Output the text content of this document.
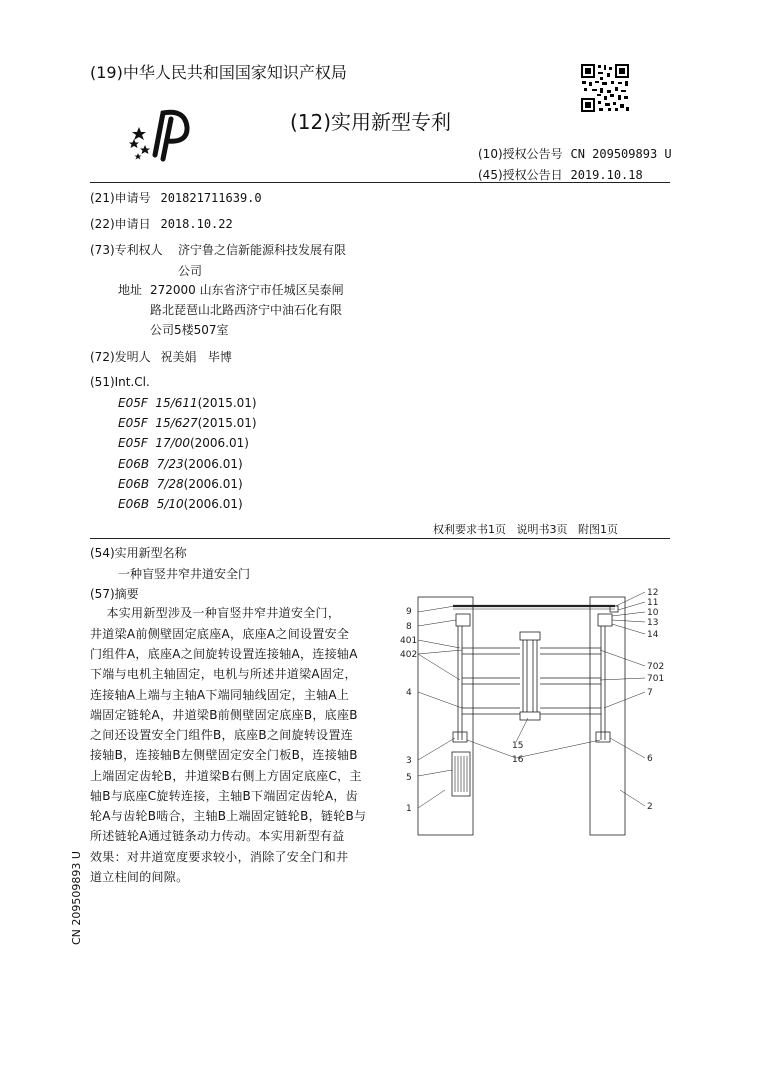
(19)中华人民共和国国家知识产权局
(12)实用新型专利
(10)授权公告号 CN 209509893 U
(45)授权公告日 2019.10.18
(21)申请号 201821711639.0
(22)申请日 2018.10.22
(73)专利权人 济宁鲁之信新能源科技发展有限
公司
地址 272000 山东省济宁市任城区吴泰闸
路北琵琶山北路西济宁中油石化有限
公司5楼507室
(72)发明人 祝美娟   毕博
(51)Int.Cl.
E05F  15/611(2015.01)
E05F  15/627(2015.01)
E05F  17/00(2006.01)
E06B  7/23(2006.01)
E06B  7/28(2006.01)
E06B  5/10(2006.01)
权利要求书1页   说明书3页   附图1页
(54)实用新型名称
一种盲竖井窄井道安全门
(57)摘要
本实用新型涉及一种盲竖井窄井道安全门，
井道梁A前侧壁固定底座A，底座A之间设置安全
门组件A，底座A之间旋转设置连接轴A，连接轴A
下端与电机主轴固定，电机与所述井道梁A固定，
连接轴A上端与主轴A下端同轴线固定，主轴A上
端固定链轮A，井道梁B前侧壁固定底座B，底座B
之间还设置安全门组件B，底座B之间旋转设置连
接轴B，连接轴B左侧壁固定安全门板B，连接轴B
上端固定齿轮B，井道梁B右侧上方固定底座C，主
轴B与底座C旋转连接，主轴B下端固定齿轮A，齿
轮A与齿轮B啮合，主轴B上端固定链轮B，链轮B与
所述链轮A通过链条动力传动。本实用新型有益
效果：对井道宽度要求较小，消除了安全门和井
道立柱间的间隙。
9
8
401
402
4
3
5
1
12
11
10
13
14
702
701
7
6
2
15
16
CN 209509893 U
